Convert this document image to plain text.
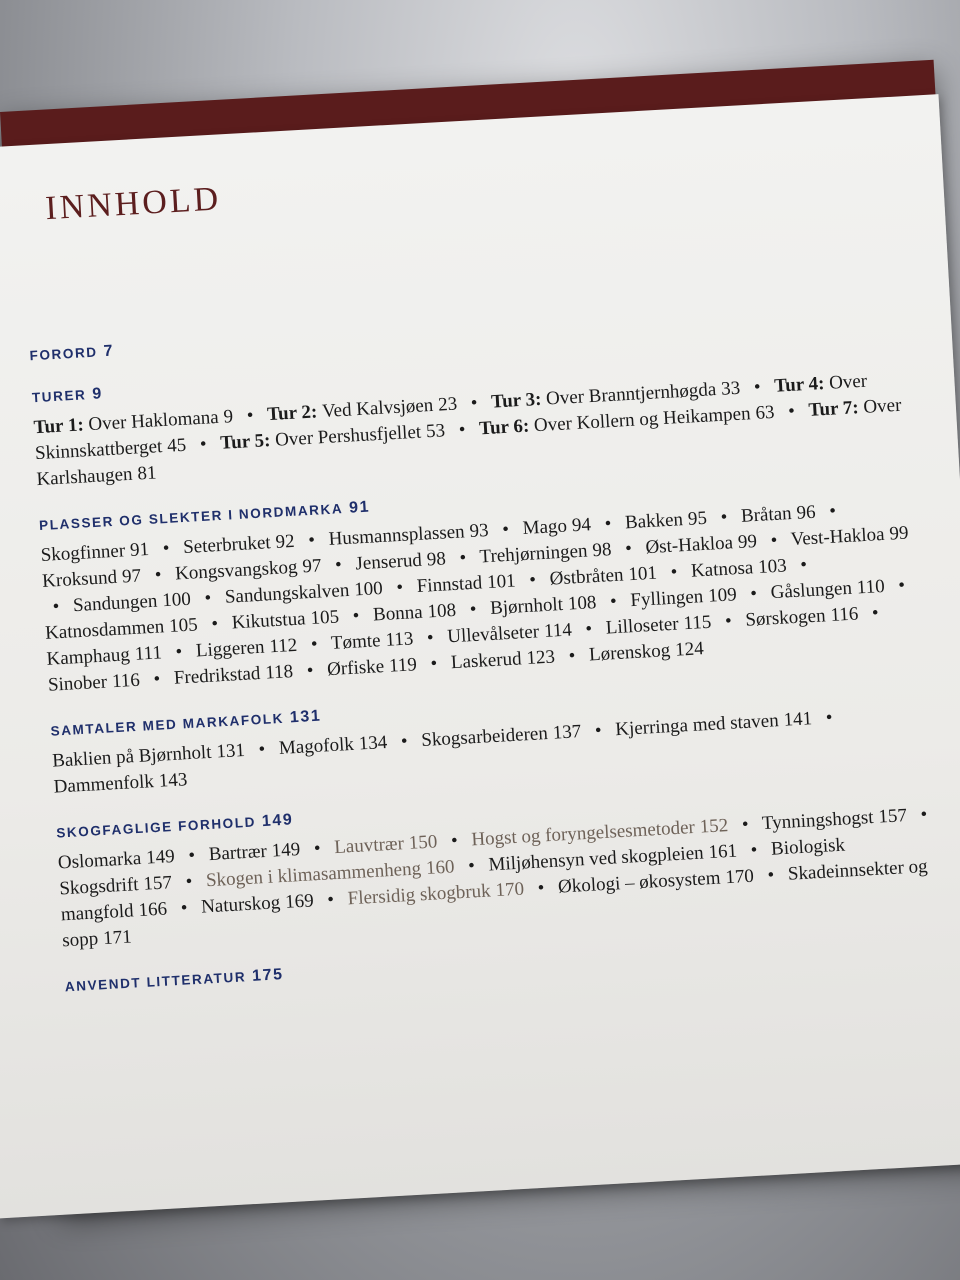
INNHOLD
FORORD 7
TURER 9

Tur 1: Over Haklomana 9 • Tur 2: Ved Kalvsjøen 23 • Tur 3: Over Branntjernhøgda 33 • Tur 4: Over Skinnskattberget 45 • Tur 5: Over Pershusfjellet 53 • Tur 6: Over Kollern og Heikampen 63 • Tur 7: Over Karlshaugen 81

PLASSER OG SLEKTER I NORDMARKA 91

Skogfinner 91 • Seterbruket 92 • Husmannsplassen 93 • Mago 94 • Bakken 95 • Bråtan 96 • Kroksund 97 • Kongsvangskog 97 • Jenserud 98 • Trehjørningen 98 • Øst-Hakloa 99 • Vest-Hakloa 99 • Sandungen 100 • Sandungskalven 100 • Finnstad 101 • Østbråten 101 • Katnosa 103 • Katnosdammen 105 • Kikutstua 105 • Bonna 108 • Bjørnholt 108 • Fyllingen 109 • Gåslungen 110 • Kamphaug 111 • Liggeren 112 • Tømte 113 • Ullevålseter 114 • Lilloseter 115 • Sørskogen 116 • Sinober 116 • Fredrikstad 118 • Ørfiske 119 • Laskerud 123 • Lørenskog 124

SAMTALER MED MARKAFOLK 131

Baklien på Bjørnholt 131 • Magofolk 134 • Skogsarbeideren 137 • Kjerringa med staven 141 • Dammenfolk 143

SKOGFAGLIGE FORHOLD 149

Oslomarka 149 • Bartrær 149 • Lauvtrær 150 • Hogst og foryngelsesmetoder 152 • Tynningshogst 157 • Skogsdrift 157 • Skogen i klimasammenheng 160 • Miljøhensyn ved skogpleien 161 • Biologisk mangfold 166 • Naturskog 169 • Flersidig skogbruk 170 • Økologi – økosystem 170 • Skadeinnsekter og sopp 171

ANVENDT LITTERATUR 175
